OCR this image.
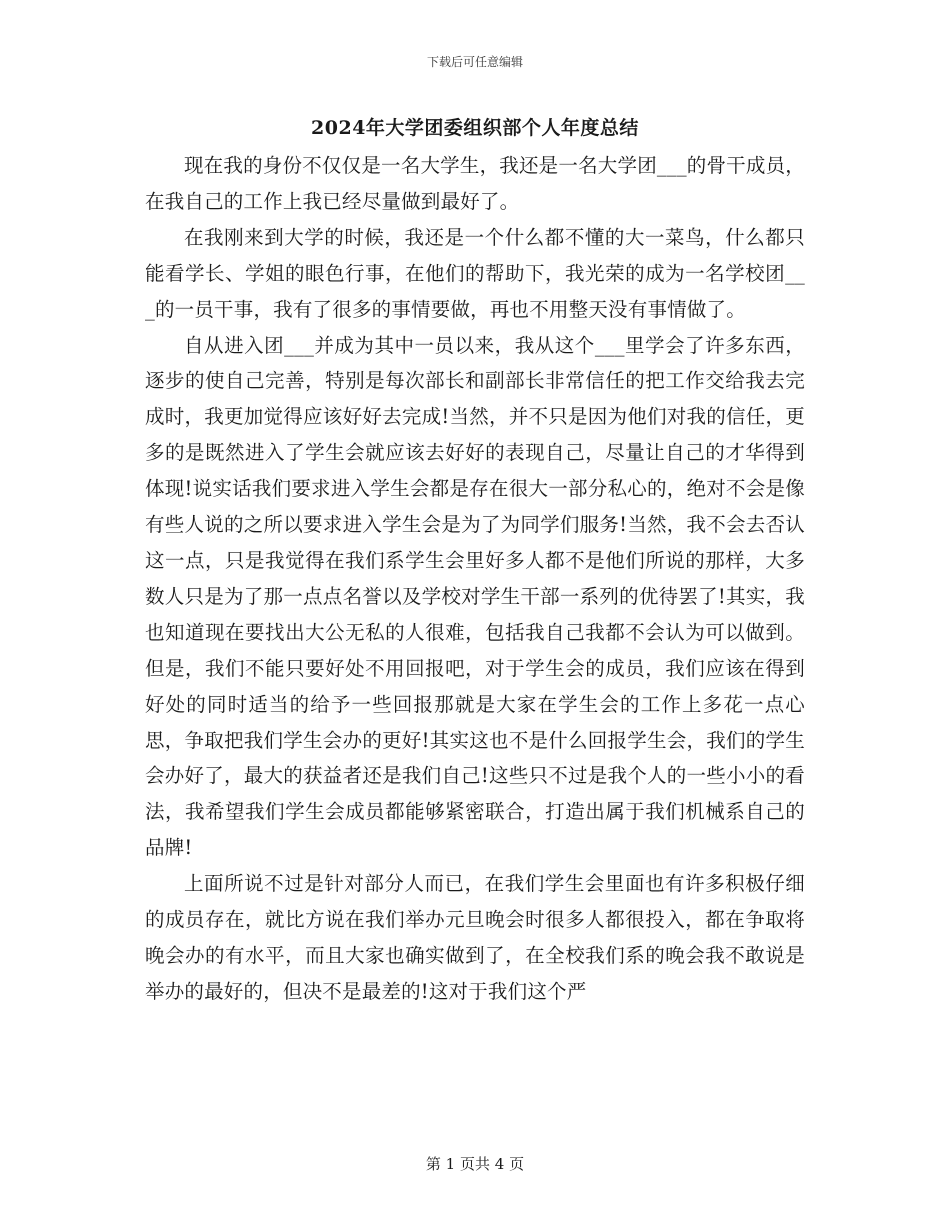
下载后可任意编辑
2024年大学团委组织部个人年度总结

现在我的身份不仅仅是一名大学生，我还是一名大学团___的骨干成员，在我自己的工作上我已经尽量做到最好了。

在我刚来到大学的时候，我还是一个什么都不懂的大一菜鸟，什么都只能看学长、学姐的眼色行事，在他们的帮助下，我光荣的成为一名学校团___的一员干事，我有了很多的事情要做，再也不用整天没有事情做了。

自从进入团___并成为其中一员以来，我从这个___里学会了许多东西，逐步的使自己完善，特别是每次部长和副部长非常信任的把工作交给我去完成时，我更加觉得应该好好去完成!当然，并不只是因为他们对我的信任，更多的是既然进入了学生会就应该去好好的表现自己，尽量让自己的才华得到体现!说实话我们要求进入学生会都是存在很大一部分私心的，绝对不会是像有些人说的之所以要求进入学生会是为了为同学们服务!当然，我不会去否认这一点，只是我觉得在我们系学生会里好多人都不是他们所说的那样，大多数人只是为了那一点点名誉以及学校对学生干部一系列的优待罢了!其实，我也知道现在要找出大公无私的人很难，包括我自己我都不会认为可以做到。但是，我们不能只要好处不用回报吧，对于学生会的成员，我们应该在得到好处的同时适当的给予一些回报那就是大家在学生会的工作上多花一点心思，争取把我们学生会办的更好!其实这也不是什么回报学生会，我们的学生会办好了，最大的获益者还是我们自己!这些只不过是我个人的一些小小的看法，我希望我们学生会成员都能够紧密联合，打造出属于我们机械系自己的品牌!

上面所说不过是针对部分人而已，在我们学生会里面也有许多积极仔细的成员存在，就比方说在我们举办元旦晚会时很多人都很投入，都在争取将晚会办的有水平，而且大家也确实做到了，在全校我们系的晚会我不敢说是举办的最好的，但决不是最差的!这对于我们这个严

第 1 页共 4 页
